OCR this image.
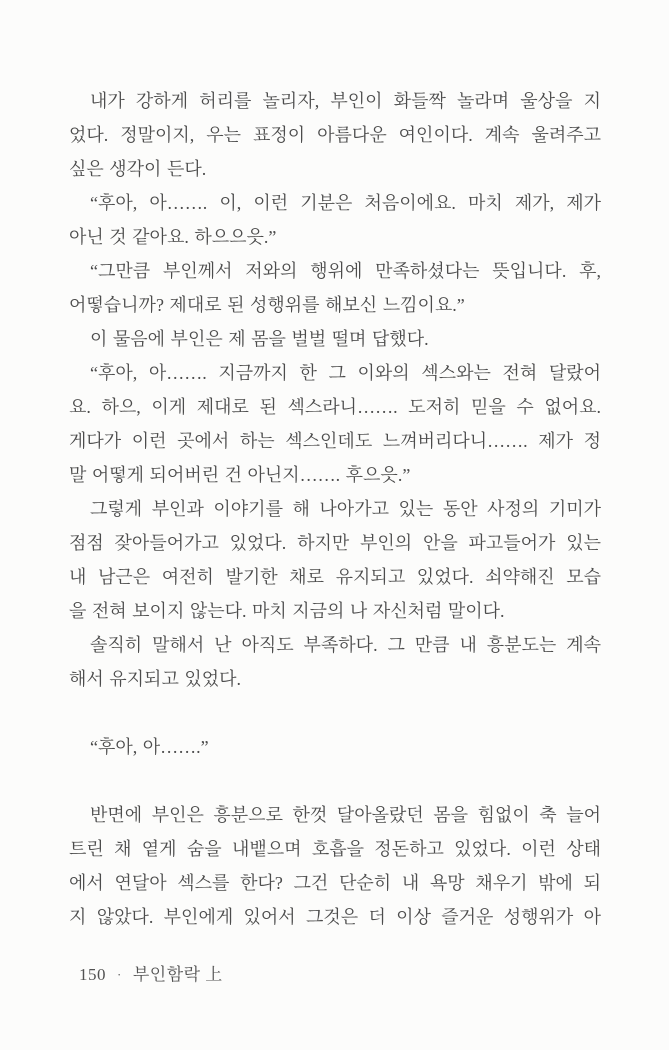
내가 강하게 허리를 놀리자, 부인이 화들짝 놀라며 울상을 지
었다. 정말이지, 우는 표정이 아름다운 여인이다. 계속 울려주고
싶은 생각이 든다.
“후아, 아……. 이, 이런 기분은 처음이에요. 마치 제가, 제가
아닌 것 같아요. 하으으읏.”
“그만큼 부인께서 저와의 행위에 만족하셨다는 뜻입니다. 후,
어떻습니까? 제대로 된 성행위를 해보신 느낌이요.”
이 물음에 부인은 제 몸을 벌벌 떨며 답했다.
“후아, 아……. 지금까지 한 그 이와의 섹스와는 전혀 달랐어
요. 하으, 이게 제대로 된 섹스라니……. 도저히 믿을 수 없어요.
게다가 이런 곳에서 하는 섹스인데도 느껴버리다니……. 제가 정
말 어떻게 되어버린 건 아닌지……. 후으읏.”
그렇게 부인과 이야기를 해 나아가고 있는 동안 사정의 기미가
점점 잦아들어가고 있었다. 하지만 부인의 안을 파고들어가 있는
내 남근은 여전히 발기한 채로 유지되고 있었다. 쇠약해진 모습
을 전혀 보이지 않는다. 마치 지금의 나 자신처럼 말이다.
솔직히 말해서 난 아직도 부족하다. 그 만큼 내 흥분도는 계속
해서 유지되고 있었다.
“후아, 아…….”
반면에 부인은 흥분으로 한껏 달아올랐던 몸을 힘없이 축 늘어
트린 채 옅게 숨을 내뱉으며 호흡을 정돈하고 있었다. 이런 상태
에서 연달아 섹스를 한다? 그건 단순히 내 욕망 채우기 밖에 되
지 않았다. 부인에게 있어서 그것은 더 이상 즐거운 성행위가 아
150 · 부인함락 上
